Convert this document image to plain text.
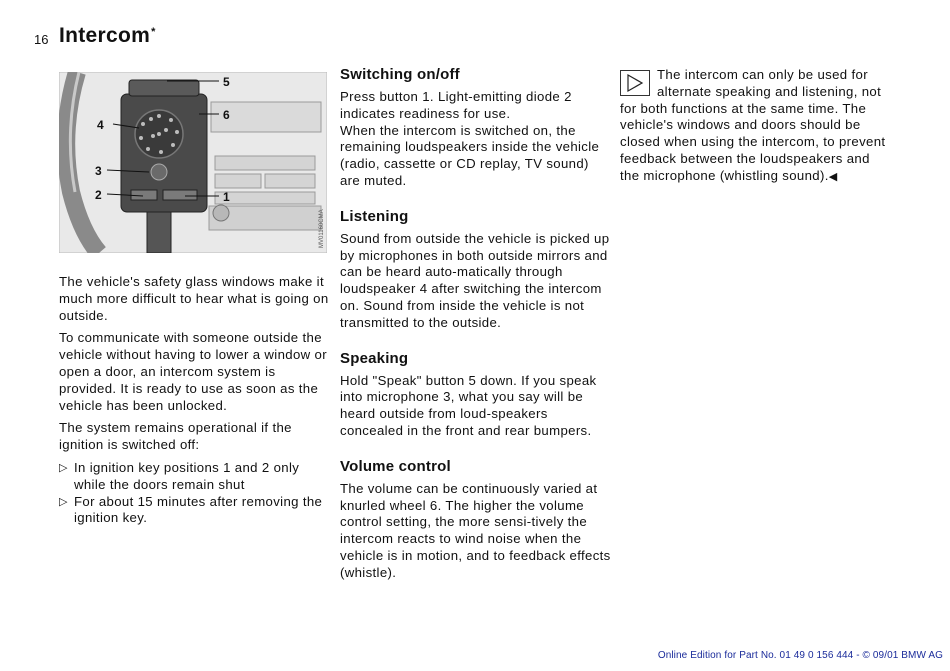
16 Intercom*
5
6
4
3
2	1
MV01160CMA

The vehicle's safety glass windows make it much more difficult to hear what is going on outside.

To communicate with someone outside the vehicle without having to lower a window or open a door, an intercom system is provided. It is ready to use as soon as the vehicle has been unlocked.

The system remains operational if the ignition is switched off:

▷ In ignition key positions 1 and 2 only while the doors remain shut
▷ For about 15 minutes after removing the ignition key.
Switching on/off
Press button 1. Light-emitting diode 2 indicates readiness for use.
When the intercom is switched on, the remaining loudspeakers inside the vehicle (radio, cassette or CD replay, TV sound) are muted.
Listening
Sound from outside the vehicle is picked up by microphones in both outside mirrors and can be heard auto-matically through loudspeaker 4 after switching the intercom on. Sound from inside the vehicle is not transmitted to the outside.
Speaking
Hold "Speak" button 5 down. If you speak into microphone 3, what you say will be heard outside from loud-speakers concealed in the front and rear bumpers.
Volume control
The volume can be continuously varied at knurled wheel 6. The higher the volume control setting, the more sensi-tively the intercom reacts to wind noise when the vehicle is in motion, and to feedback effects (whistle).
The intercom can only be used for alternate speaking and listening, not for both functions at the same time. The vehicle's windows and doors should be closed when using the intercom, to prevent feedback between the loudspeakers and the microphone (whistling sound).◀
Online Edition for Part No. 01 49 0 156 444 - © 09/01 BMW AG
